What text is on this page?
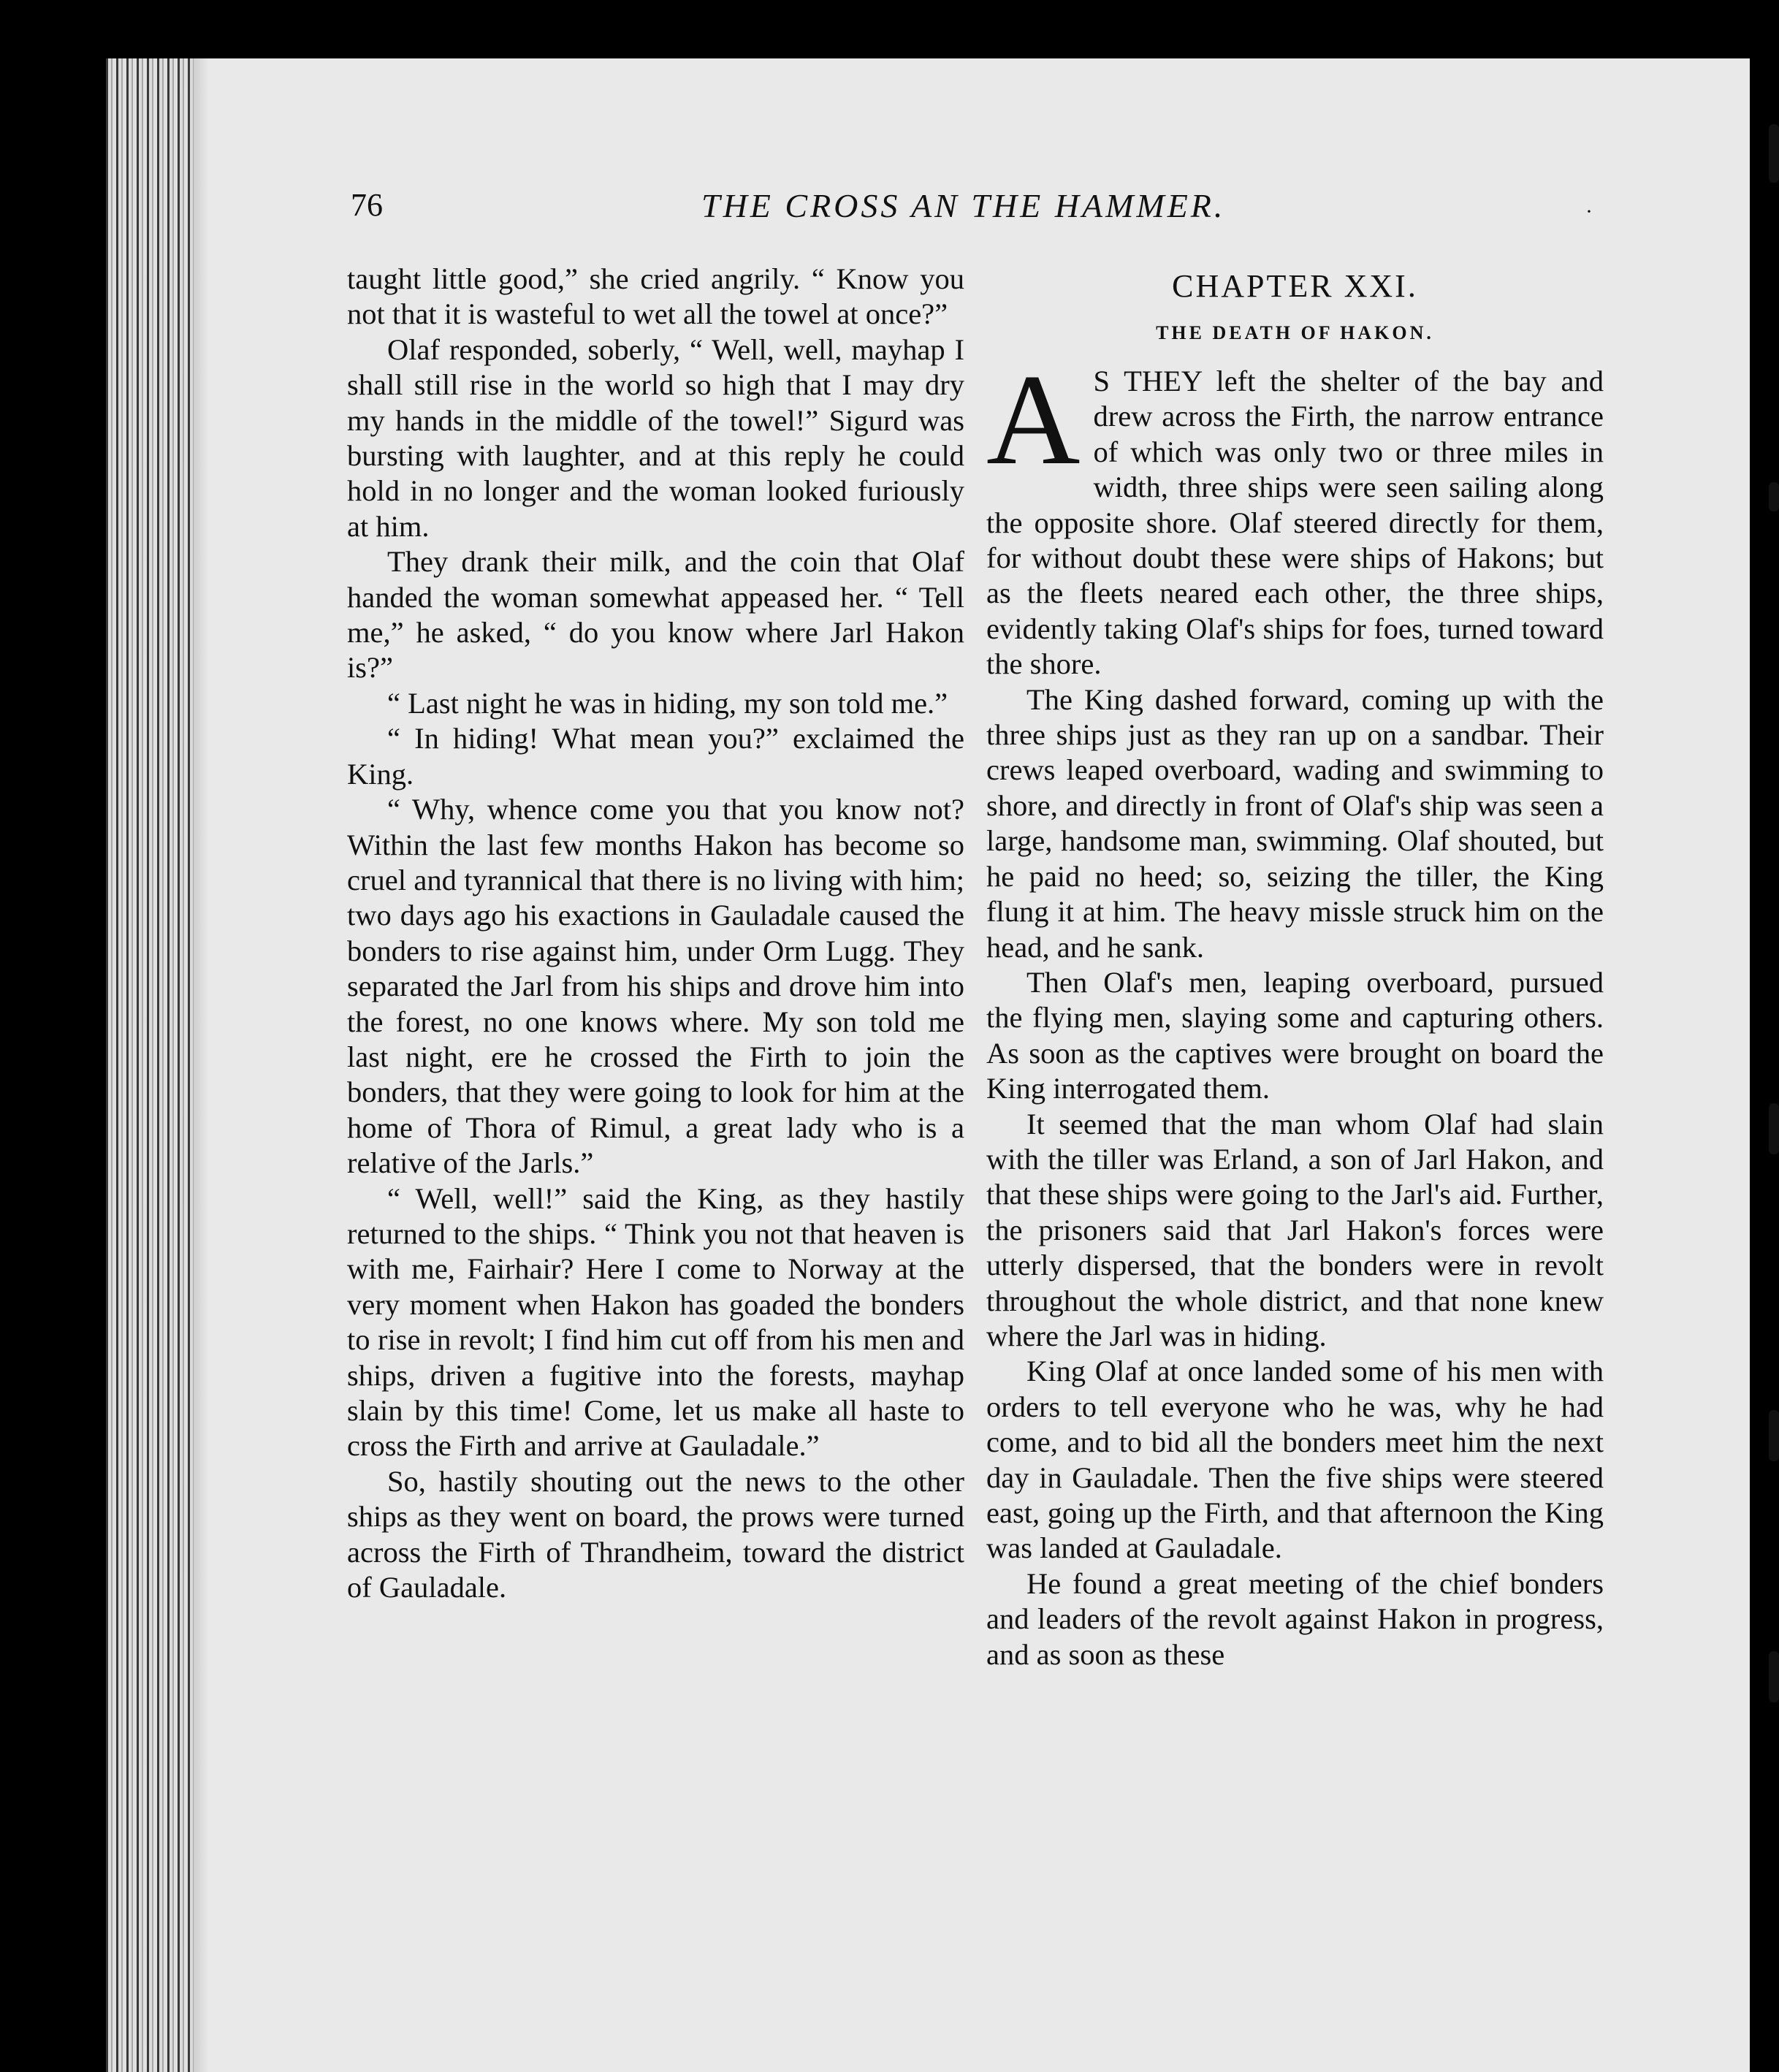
76	THE CROSS AN THE HAMMER.	·

taught little good,” she cried angrily. “ Know you not that it is wasteful to wet all the towel at once?”

Olaf responded, soberly, “ Well, well, mayhap I shall still rise in the world so high that I may dry my hands in the middle of the towel!” Sigurd was bursting with laughter, and at this reply he could hold in no longer and the woman looked furiously at him.

They drank their milk, and the coin that Olaf handed the woman somewhat appeased her. “ Tell me,” he asked, “ do you know where Jarl Hakon is?”

“ Last night he was in hiding, my son told me.”

“ In hiding! What mean you?” exclaimed the King.

“ Why, whence come you that you know not? Within the last few months Hakon has become so cruel and tyrannical that there is no living with him; two days ago his exactions in Gauladale caused the bonders to rise against him, under Orm Lugg. They separated the Jarl from his ships and drove him into the forest, no one knows where. My son told me last night, ere he crossed the Firth to join the bonders, that they were going to look for him at the home of Thora of Rimul, a great lady who is a relative of the Jarls.”

“ Well, well!” said the King, as they hastily returned to the ships. “ Think you not that heaven is with me, Fairhair? Here I come to Norway at the very moment when Hakon has goaded the bonders to rise in revolt; I find him cut off from his men and ships, driven a fugitive into the forests, mayhap slain by this time! Come, let us make all haste to cross the Firth and arrive at Gauladale.”

So, hastily shouting out the news to the other ships as they went on board, the prows were turned across the Firth of Thrandheim, toward the district of Gauladale.

CHAPTER XXI.
THE DEATH OF HAKON.

A S THEY left the shelter of the bay and drew across the Firth, the narrow entrance of which was only two or three miles in width, three ships were seen sailing along the opposite shore. Olaf steered directly for them, for without doubt these were ships of Hakons; but as the fleets neared each other, the three ships, evidently taking Olaf's ships for foes, turned toward the shore.

The King dashed forward, coming up with the three ships just as they ran up on a sandbar. Their crews leaped overboard, wading and swimming to shore, and directly in front of Olaf's ship was seen a large, handsome man, swimming. Olaf shouted, but he paid no heed; so, seizing the tiller, the King flung it at him. The heavy missle struck him on the head, and he sank.

Then Olaf's men, leaping overboard, pursued the flying men, slaying some and capturing others. As soon as the captives were brought on board the King interrogated them.

It seemed that the man whom Olaf had slain with the tiller was Erland, a son of Jarl Hakon, and that these ships were going to the Jarl's aid. Further, the prisoners said that Jarl Hakon's forces were utterly dispersed, that the bonders were in revolt throughout the whole district, and that none knew where the Jarl was in hiding.

King Olaf at once landed some of his men with orders to tell everyone who he was, why he had come, and to bid all the bonders meet him the next day in Gauladale. Then the five ships were steered east, going up the Firth, and that afternoon the King was landed at Gauladale.

He found a great meeting of the chief bonders and leaders of the revolt against Hakon in progress, and as soon as these
